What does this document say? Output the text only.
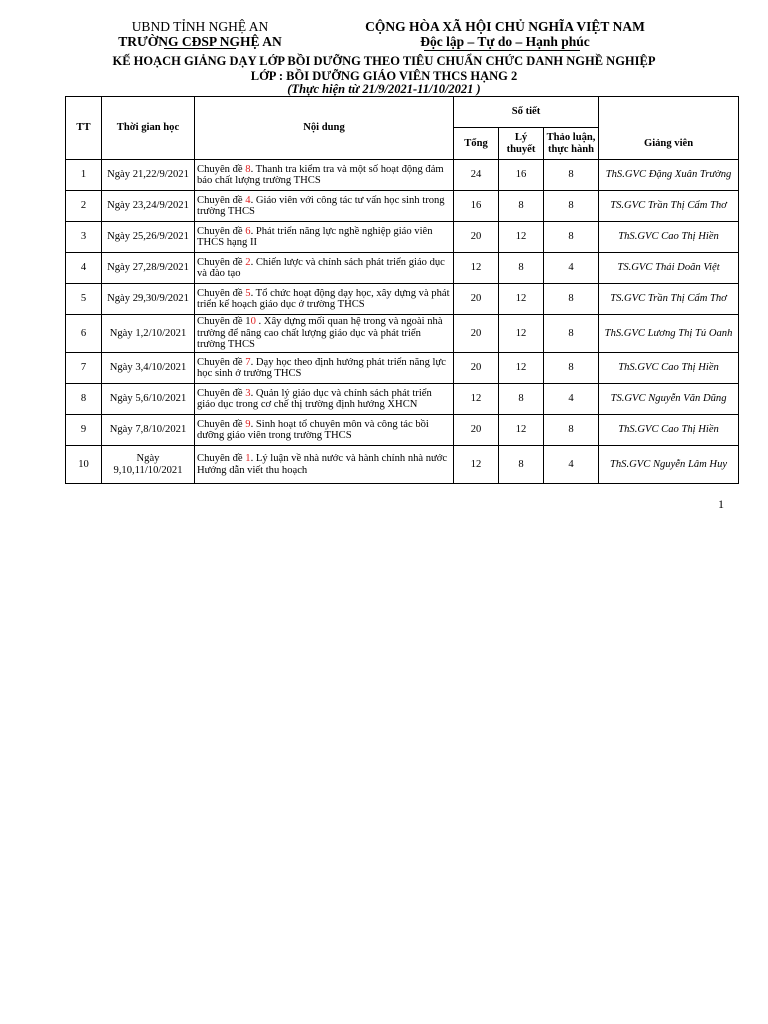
UBND TỈNH NGHỆ AN
TRƯỜNG CĐSP NGHỆ AN
CỘNG HÒA XÃ HỘI CHỦ NGHĨA VIỆT NAM
Độc lập – Tự do – Hạnh phúc
KẾ HOẠCH GIẢNG DẠY LỚP BỒI DƯỠNG THEO TIÊU CHUẨN CHỨC DANH NGHỀ NGHIỆP
LỚP : BỒI DƯỠNG GIÁO VIÊN THCS HẠNG 2
(Thực hiện từ 21/9/2021-11/10/2021 )
TT	Thời gian học	Nội dung	Số tiết			Giảng viên
			Tổng	Lý thuyết	Thảo luận, thực hành	
1	Ngày 21,22/9/2021	Chuyên đề 8. Thanh tra kiểm tra và một số hoạt động đảm bảo chất lượng trường THCS	24	16	8	ThS.GVC Đặng Xuân Trường
2	Ngày 23,24/9/2021	Chuyên đề 4. Giáo viên với công tác tư vấn học sinh trong trường THCS	16	8	8	TS.GVC Trần Thị Cẩm Thơ
3	Ngày 25,26/9/2021	Chuyên đề 6. Phát triển năng lực nghề nghiệp giáo viên THCS hạng II	20	12	8	ThS.GVC Cao Thị Hiền
4	Ngày 27,28/9/2021	Chuyên đề 2. Chiến lược và chính sách phát triển giáo dục và đào tạo	12	8	4	TS.GVC Thái Doãn Việt
5	Ngày 29,30/9/2021	Chuyên đề 5. Tổ chức hoạt động dạy học, xây dựng và phát triển kế hoạch giáo dục ở trường THCS	20	12	8	TS.GVC Trần Thị Cẩm Thơ
6	Ngày 1,2/10/2021	Chuyên đề 10 . Xây dựng mối quan hệ trong và ngoài nhà trường để nâng cao chất lượng giáo dục và phát triển trường THCS	20	12	8	ThS.GVC Lương Thị Tú Oanh
7	Ngày 3,4/10/2021	Chuyên đề 7. Dạy học theo định hướng phát triển năng lực học sinh ở trường THCS	20	12	8	ThS.GVC Cao Thị Hiền
8	Ngày 5,6/10/2021	Chuyên đề 3. Quản lý giáo dục và chính sách phát triển giáo dục trong cơ chế thị trường định hướng XHCN	12	8	4	TS.GVC Nguyễn Văn Dũng
9	Ngày 7,8/10/2021	Chuyên đề 9. Sinh hoạt tổ chuyên môn và công tác bồi dưỡng giáo viên trong trường THCS	20	12	8	ThS.GVC Cao Thị Hiền
10	Ngày 9,10,11/10/2021	Chuyên đề 1. Lý luận về nhà nước và hành chính nhà nước
Hướng dẫn viết thu hoạch	12	8	4	ThS.GVC Nguyễn Lâm Huy
1
